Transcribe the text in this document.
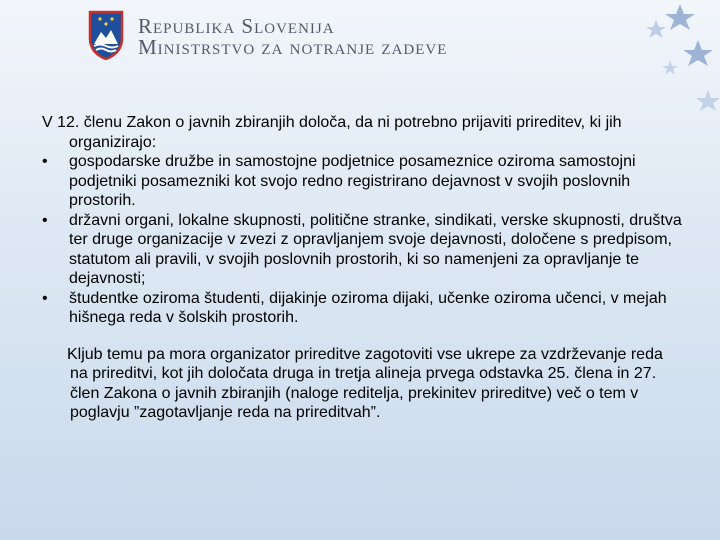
Republika Slovenija
Ministrstvo za notranje zadeve

V 12. členu Zakon o javnih zbiranjih določa, da ni potrebno prijaviti prireditev, ki jih organizirajo:

•	gospodarske družbe in samostojne podjetnice posameznice oziroma samostojni podjetniki posamezniki kot svojo redno registrirano dejavnost v svojih poslovnih prostorih.
•	državni organi, lokalne skupnosti, politične stranke, sindikati, verske skupnosti, društva ter druge organizacije v zvezi z opravljanjem svoje dejavnosti, določene s predpisom, statutom ali pravili, v svojih poslovnih prostorih, ki so namenjeni za opravljanje te dejavnosti;
•	študentke oziroma študenti, dijakinje oziroma dijaki, učenke oziroma učenci, v mejah hišnega reda v šolskih prostorih.

Kljub temu pa mora organizator prireditve zagotoviti vse ukrepe za vzdrževanje reda na prireditvi, kot jih določata druga in tretja alineja prvega odstavka 25. člena in 27. člen Zakona o javnih zbiranjih (naloge reditelja, prekinitev prireditve) več o tem v poglavju ”zagotavljanje reda na prireditvah”.
